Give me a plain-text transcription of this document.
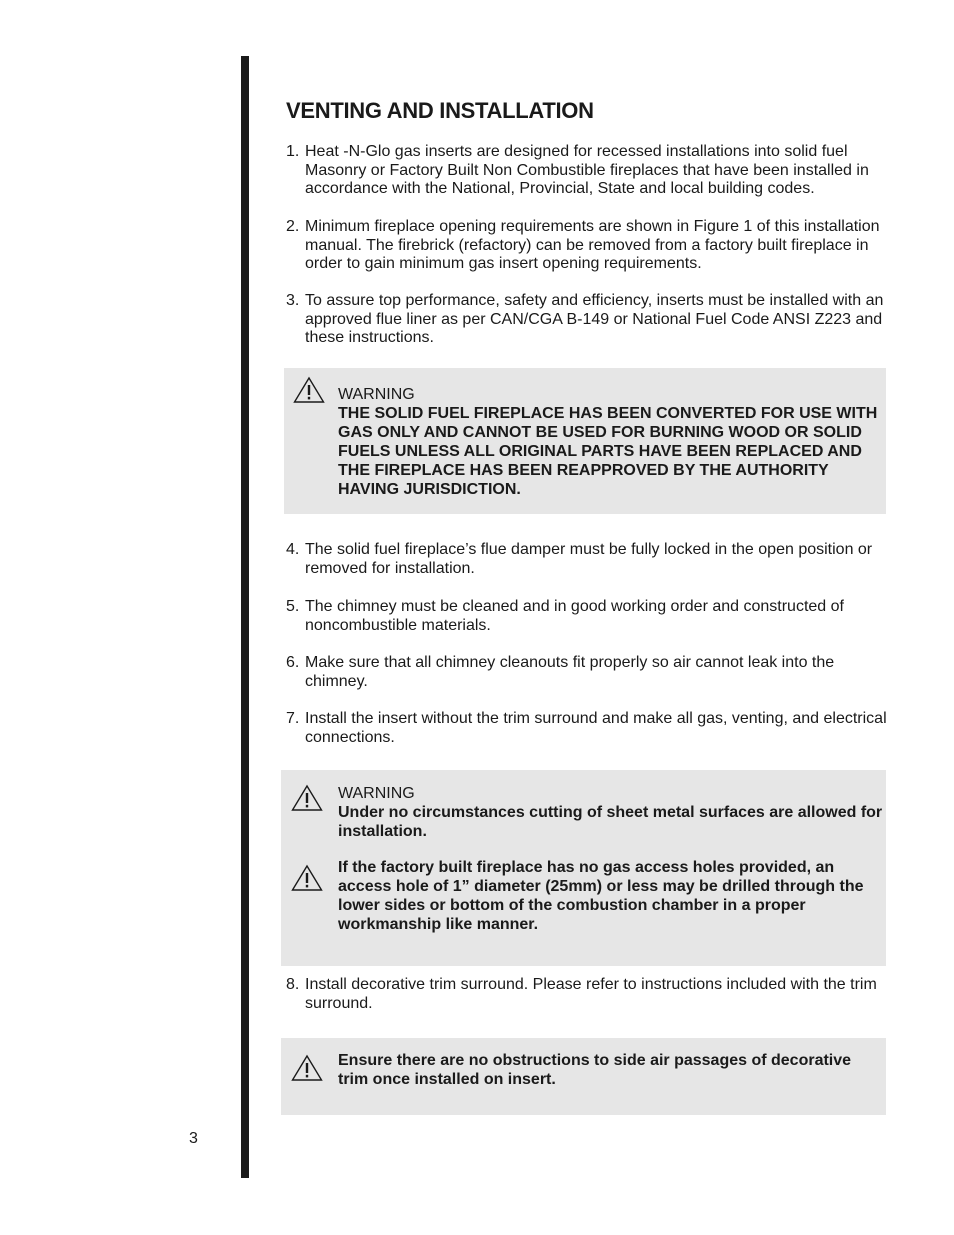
VENTING AND INSTALLATION
1. Heat -N-Glo gas inserts are designed for recessed installations into solid fuel Masonry or Factory Built Non Combustible fireplaces that have been installed in accordance with the National, Provincial, State and local building codes.
2. Minimum fireplace opening requirements are shown in Figure 1 of this installation manual. The firebrick (refactory) can be removed from a factory built fireplace in order to gain minimum gas insert opening requirements.
3. To assure top performance, safety and efficiency, inserts must be installed with an approved flue liner as per CAN/CGA B-149 or National Fuel Code ANSI Z223 and these instructions.
WARNING
THE SOLID FUEL FIREPLACE HAS BEEN CONVERTED FOR USE WITH GAS ONLY AND CANNOT BE USED FOR BURNING WOOD OR SOLID FUELS UNLESS ALL ORIGINAL PARTS HAVE BEEN REPLACED AND THE FIREPLACE HAS BEEN REAPPROVED BY THE AUTHORITY HAVING JURISDICTION.
4. The solid fuel fireplace’s flue damper must be fully locked in the open position or removed for installation.
5. The chimney must be cleaned and in good working order and constructed of noncombustible materials.
6. Make sure that all chimney cleanouts fit properly so air cannot leak into the chimney.
7. Install the insert without the trim surround and make all gas, venting, and electrical connections.
WARNING
Under no circumstances cutting of sheet metal surfaces are allowed for installation.
If the factory built fireplace has no gas access holes provided, an access hole of 1” diameter (25mm) or less may be drilled through the lower sides or bottom of the combustion chamber in a proper workmanship like manner.
8. Install decorative trim surround. Please refer to instructions included with the trim surround.
Ensure there are no obstructions to side air passages of decorative trim once installed on insert.
3
